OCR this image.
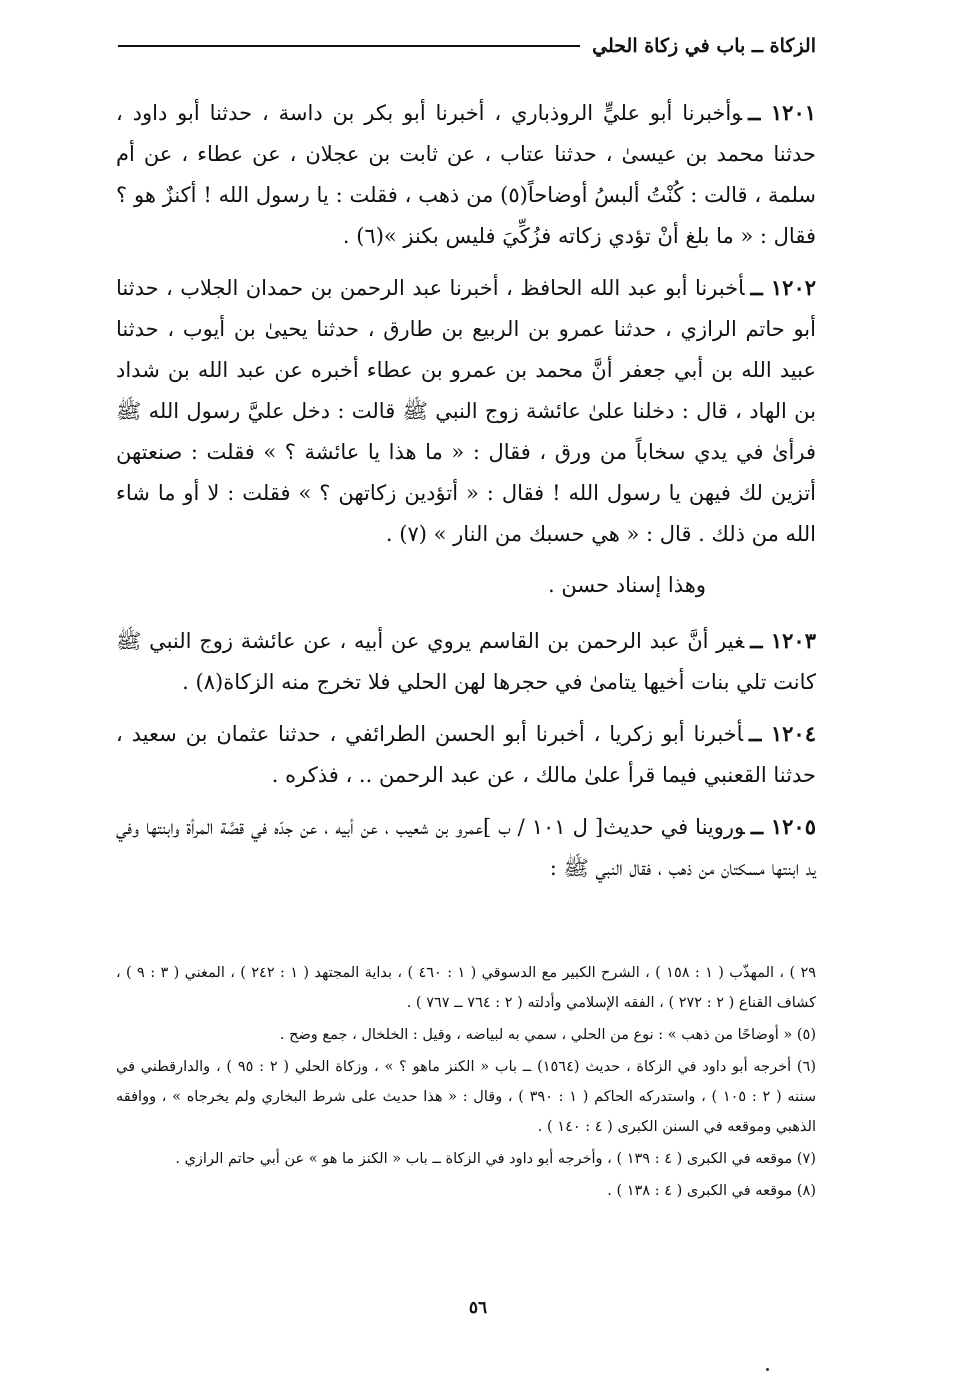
الزكاة ــ باب في زكاة الحلي

١٢٠١ ــوأخبرنا أبو عليٍّ الروذباري ، أخبرنا أبو بكر بن داسة ، حدثنا أبو داود ، حدثنا محمد بن عيسىٰ ، حدثنا عتاب ، عن ثابت بن عجلان ، عن عطاء ، عن أم سلمة ، قالت : كُنْتُ ألبسُ أوضاحاً(٥) من ذهب ، فقلت : يا رسول الله ! أكنزٌ هو ؟ فقال : « ما بلغ أنْ تؤدي زكاته فزُكِّيَ فليس بكنز »(٦) .

١٢٠٢ ــأخبرنا أبو عبد الله الحافظ ، أخبرنا عبد الرحمن بن حمدان الجلاب ، حدثنا أبو حاتم الرازي ، حدثنا عمرو بن الربيع بن طارق ، حدثنا يحيىٰ بن أيوب ، حدثنا عبيد الله بن أبي جعفر أنَّ محمد بن عمرو بن عطاء أخبره عن عبد الله بن شداد بن الهاد ، قال : دخلنا علىٰ عائشة زوج النبي ﷺ قالت : دخل عليَّ رسول الله ﷺ فرأىٰ في يدي سخاباً من ورق ، فقال : « ما هذا يا عائشة ؟ » فقلت : صنعتهن أتزين لك فيهن يا رسول الله ! فقال : « أتؤدين زكاتهن ؟ » فقلت : لا أو ما شاء الله من ذلك . قال : « هي حسبك من النار » (٧) .

وهذا إسناد حسن .

١٢٠٣ ــغير أنَّ عبد الرحمن بن القاسم يروي عن أبيه ، عن عائشة زوج النبي ﷺ كانت تلي بنات أخيها يتامىٰ في حجرها لهن الحلي فلا تخرج منه الزكاة(٨) .

١٢٠٤ ــأخبرنا أبو زكريا ، أخبرنا أبو الحسن الطرائفي ، حدثنا عثمان بن سعيد ، حدثنا القعنبي فيما قرأ علىٰ مالك ، عن عبد الرحمن .. ، فذكره .

١٢٠٥ ــوروينا في حديث[ ل ١٠١ / ب ]عمرو بن شعيب ، عن أبيه ، عن جدّه في قصَّة المرأة وابنتها وفي يد ابنتها مسكتان من ذهب ، فقال النبي ﷺ :

٢٩ ) ، المهذّب ( ١ : ١٥٨ ) ، الشرح الكبير مع الدسوقي ( ١ : ٤٦٠ ) ، بداية المجتهد ( ١ : ٢٤٢ ) ، المغني ( ٣ : ٩ ) ، كشاف القناع ( ٢ : ٢٧٢ ) ، الفقه الإسلامي وأدلته ( ٢ : ٧٦٤ ــ ٧٦٧ ) .

(٥) « أوضاحًا من ذهب » : نوع من الحلي ، سمي به لبياضه ، وقيل : الخلخال ، جمع وضح .

(٦) أخرجه أبو داود في الزكاة ، حديث (١٥٦٤) ــ باب « الكنز ماهو ؟ » ، وزكاة الحلي ( ٢ : ٩٥ ) ، والدارقطني في سننه ( ٢ : ١٠٥ ) ، واستدركه الحاكم ( ١ : ٣٩٠ ) ، وقال : « هذا حديث على شرط البخاري ولم يخرجاه » ، ووافقه الذهبي وموقعه في السنن الكبرى ( ٤ : ١٤٠ ) .

(٧) موقعه في الكبرى ( ٤ : ١٣٩ ) ، وأخرجه أبو داود في الزكاة ــ باب « الكنز ما هو » عن أبي حاتم الرازي .

(٨) موقعه في الكبرى ( ٤ : ١٣٨ ) .

٥٦
